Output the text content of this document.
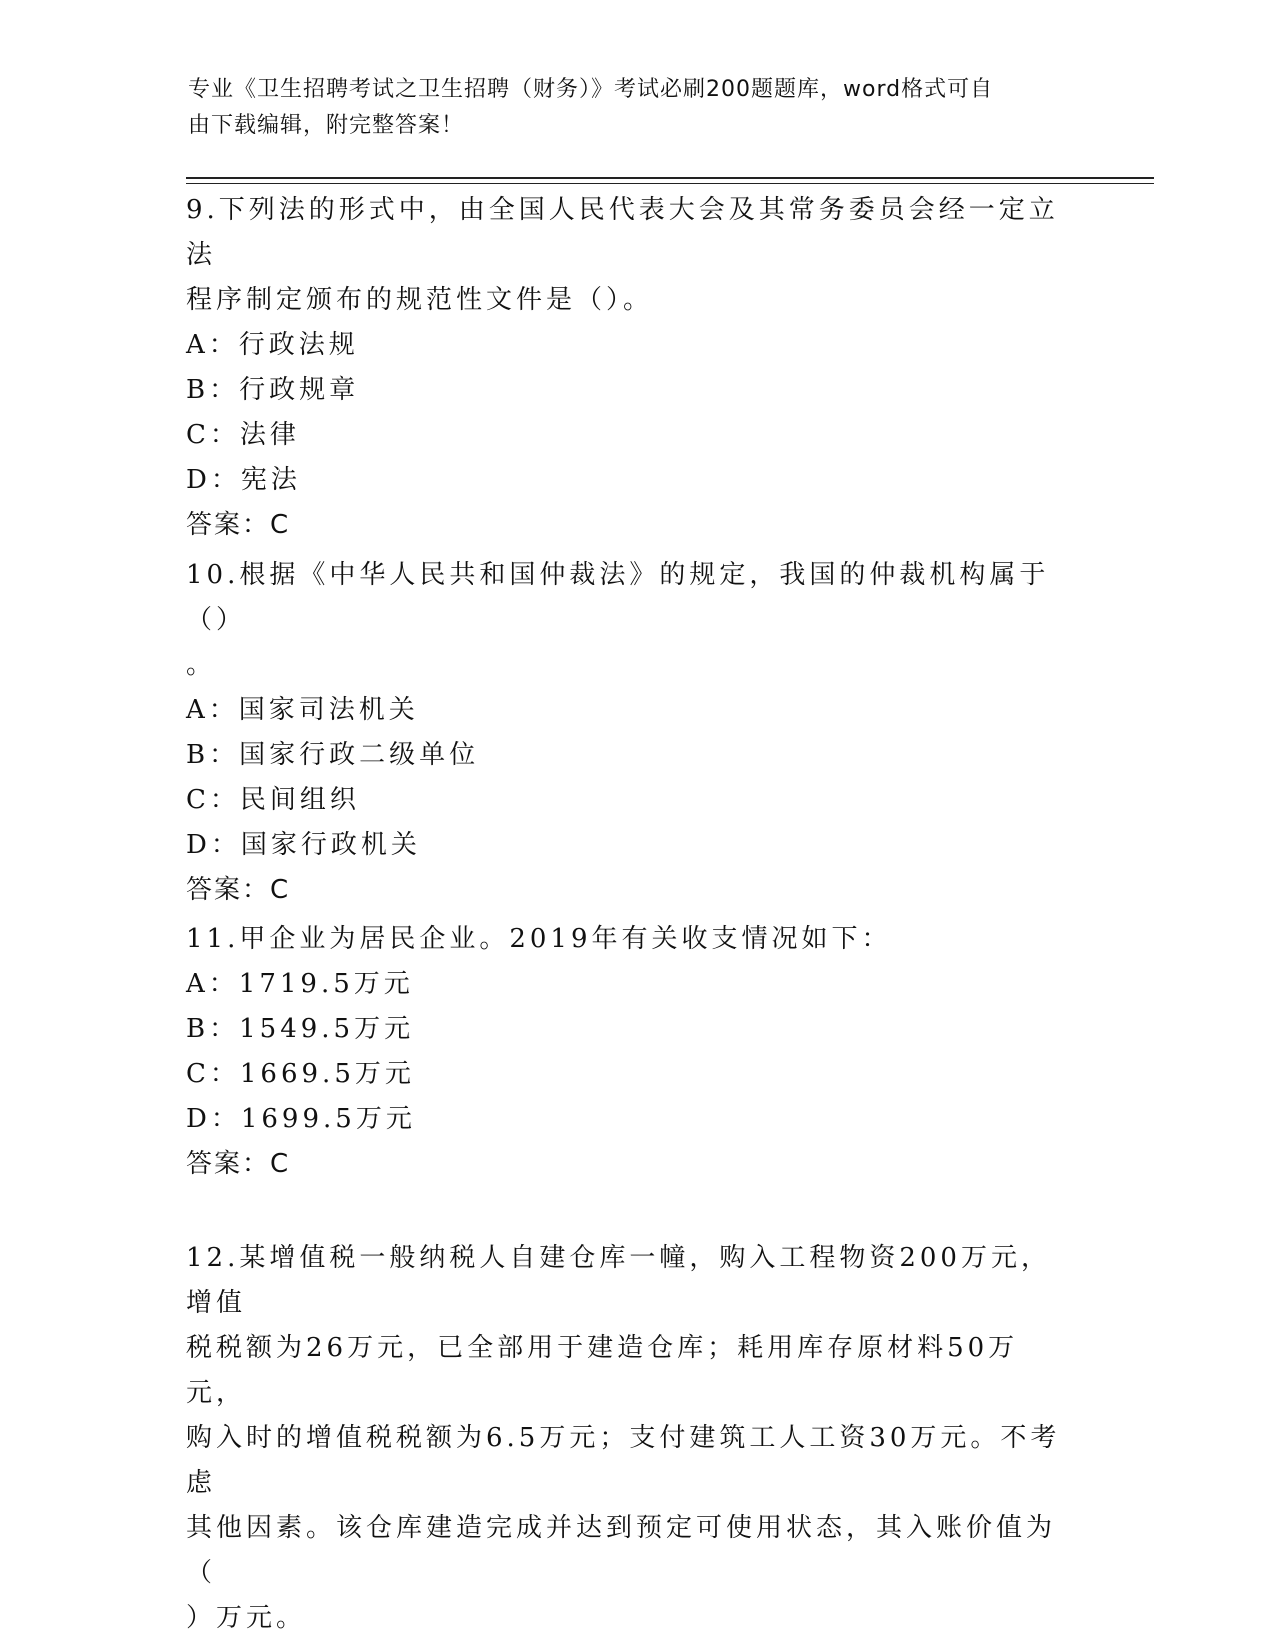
专业《卫生招聘考试之卫生招聘（财务）》考试必刷200题题库，word格式可自
由下载编辑，附完整答案！

9.下列法的形式中，由全国人民代表大会及其常务委员会经一定立法

程序制定颁布的规范性文件是（）。

A：行政法规

B：行政规章

C：法律

D：宪法

答案：C

10.根据《中华人民共和国仲裁法》的规定，我国的仲裁机构属于（）

。

A：国家司法机关

B：国家行政二级单位

C：民间组织

D：国家行政机关

答案：C

11.甲企业为居民企业。2019年有关收支情况如下：

A：1719.5万元

B：1549.5万元

C：1669.5万元

D：1699.5万元

答案：C

12.某增值税一般纳税人自建仓库一幢，购入工程物资200万元，增值

税税额为26万元，已全部用于建造仓库；耗用库存原材料50万元，

购入时的增值税税额为6.5万元；支付建筑工人工资30万元。不考虑

其他因素。该仓库建造完成并达到预定可使用状态，其入账价值为（

）万元。
